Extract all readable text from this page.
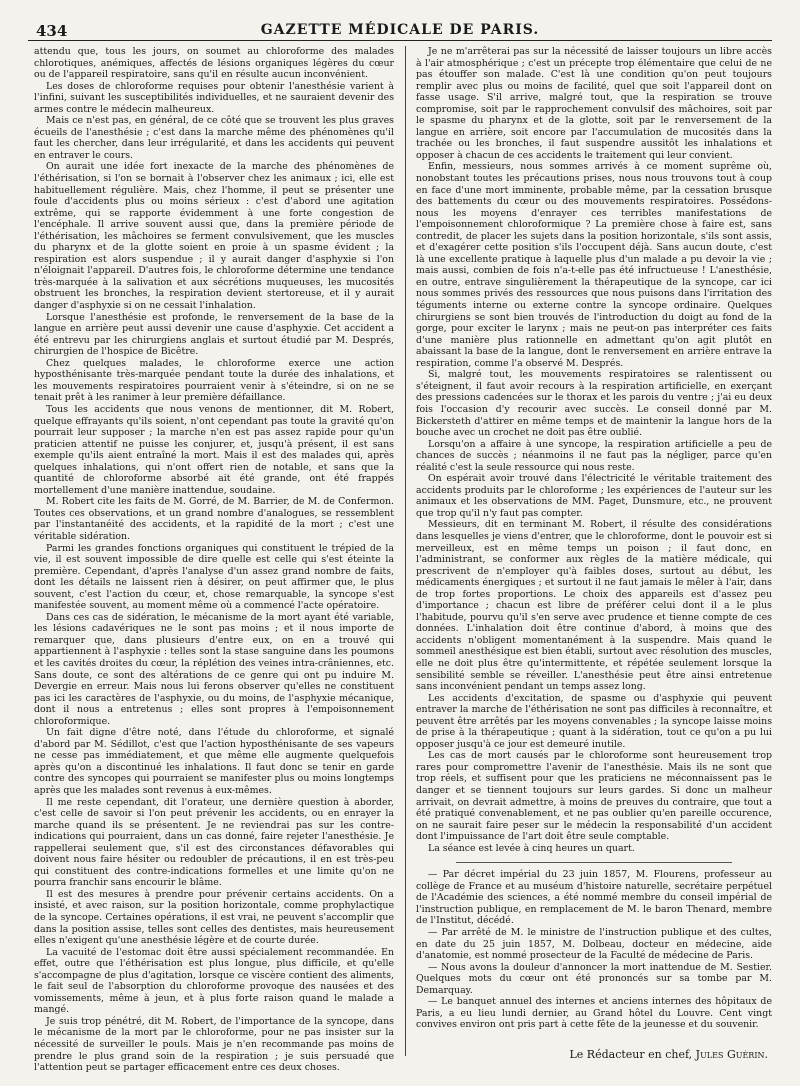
434	GAZETTE MÉDICALE DE PARIS.

attendu que, tous les jours, on soumet au chloroforme des malades chlorotiques, anémiques, affectés de lésions organiques légères du cœur ou de l'appareil respiratoire, sans qu'il en résulte aucun inconvénient.

Les doses de chloroforme requises pour obtenir l'anesthésie varient à l'infini, suivant les susceptibilités individuelles, et ne sauraient devenir des armes contre le médecin malheureux.

Mais ce n'est pas, en général, de ce côté que se trouvent les plus graves écueils de l'anesthésie ; c'est dans la marche même des phénomènes qu'il faut les chercher, dans leur irrégularité, et dans les accidents qui peuvent en entraver le cours.

On aurait une idée fort inexacte de la marche des phénomènes de l'éthérisation, si l'on se bornait à l'observer chez les animaux ; ici, elle est habituellement régulière. Mais, chez l'homme, il peut se présenter une foule d'accidents plus ou moins sérieux : c'est d'abord une agitation extrême, qui se rapporte évidemment à une forte congestion de l'encéphale. Il arrive souvent aussi que, dans la première période de l'éthérisation, les mâchoires se ferment convulsivement, que les muscles du pharynx et de la glotte soient en proie à un spasme évident ; la respiration est alors suspendue ; il y aurait danger d'asphyxie si l'on n'éloignait l'appareil. D'autres fois, le chloroforme détermine une tendance très-marquée à la salivation et aux sécrétions muqueuses, les mucosités obstruent les bronches, la respiration devient stertoreuse, et il y aurait danger d'asphyxie si on ne cessait l'inhalation.

Lorsque l'anesthésie est profonde, le renversement de la base de la langue en arrière peut aussi devenir une cause d'asphyxie. Cet accident a été entrevu par les chirurgiens anglais et surtout étudié par M. Després, chirurgien de l'hospice de Bicêtre.

Chez quelques malades, le chloroforme exerce une action hyposthénisante très-marquée pendant toute la durée des inhalations, et les mouvements respiratoires pourraient venir à s'éteindre, si on ne se tenait prêt à les ranimer à leur première défaillance.

Tous les accidents que nous venons de mentionner, dit M. Robert, quelque effrayants qu'ils soient, n'ont cependant pas toute la gravité qu'on pourrait leur supposer ; la marche n'en est pas assez rapide pour qu'un praticien attentif ne puisse les conjurer, et, jusqu'à présent, il est sans exemple qu'ils aient entraîné la mort. Mais il est des malades qui, après quelques inhalations, qui n'ont offert rien de notable, et sans que la quantité de chloroforme absorbé ait été grande, ont été frappés mortellement d'une manière inattendue, soudaine.

M. Robert cite les faits de M. Gorré, de M. Barrier, de M. de Confermon. Toutes ces observations, et un grand nombre d'analogues, se ressemblent par l'instantanéité des accidents, et la rapidité de la mort ; c'est une véritable sidération.

Parmi les grandes fonctions organiques qui constituent le trépied de la vie, il est souvent impossible de dire quelle est celle qui s'est éteinte la première. Cependant, d'après l'analyse d'un assez grand nombre de faits, dont les détails ne laissent rien à désirer, on peut affirmer que, le plus souvent, c'est l'action du cœur, et, chose remarquable, la syncope s'est manifestée souvent, au moment même où a commencé l'acte opératoire.

Dans ces cas de sidération, le mécanisme de la mort ayant été variable, les lésions cadavériques ne le sont pas moins ; et il nous importe de remarquer que, dans plusieurs d'entre eux, on en a trouvé qui appartiennent à l'asphyxie : telles sont la stase sanguine dans les poumons et les cavités droites du cœur, la réplétion des veines intra-crâniennes, etc. Sans doute, ce sont des altérations de ce genre qui ont pu induire M. Devergie en erreur. Mais nous lui ferons observer qu'elles ne constituent pas ici les caractères de l'asphyxie, ou du moins, de l'asphyxie mécanique, dont il nous a entretenus ; elles sont propres à l'empoisonnement chloroformique.

Un fait digne d'être noté, dans l'étude du chloroforme, et signalé d'abord par M. Sédillot, c'est que l'action hyposthénisante de ses vapeurs ne cesse pas immédiatement, et que même elle augmente quelquefois après qu'on a discontinué les inhalations. Il faut donc se tenir en garde contre des syncopes qui pourraient se manifester plus ou moins longtemps après que les malades sont revenus à eux-mêmes.

Il me reste cependant, dit l'orateur, une dernière question à aborder, c'est celle de savoir si l'on peut prévenir les accidents, ou en enrayer la marche quand ils se présentent. Je ne reviendrai pas sur les contre-indications qui pourraient, dans un cas donné, faire rejeter l'anesthésie. Je rappellerai seulement que, s'il est des circonstances défavorables qui doivent nous faire hésiter ou redoubler de précautions, il en est très-peu qui constituent des contre-indications formelles et une limite qu'on ne pourra franchir sans encourir le blâme.

Il est des mesures à prendre pour prévenir certains accidents. On a insisté, et avec raison, sur la position horizontale, comme prophylactique de la syncope. Certaines opérations, il est vrai, ne peuvent s'accomplir que dans la position assise, telles sont celles des dentistes, mais heureusement elles n'exigent qu'une anesthésie légère et de courte durée.

La vacuité de l'estomac doit être aussi spécialement recommandée. En effet, outre que l'éthérisation est plus longue, plus difficile, et qu'elle s'accompagne de plus d'agitation, lorsque ce viscère contient des aliments, le fait seul de l'absorption du chloroforme provoque des nausées et des vomissements, même à jeun, et à plus forte raison quand le malade a mangé.

Je suis trop pénétré, dit M. Robert, de l'importance de la syncope, dans le mécanisme de la mort par le chloroforme, pour ne pas insister sur la nécessité de surveiller le pouls. Mais je n'en recommande pas moins de prendre le plus grand soin de la respiration ; je suis persuadé que l'attention peut se partager efficacement entre ces deux choses.

Je ne m'arrêterai pas sur la nécessité de laisser toujours un libre accès à l'air atmosphérique ; c'est un précepte trop élémentaire que celui de ne pas étouffer son malade. C'est là une condition qu'on peut toujours remplir avec plus ou moins de facilité, quel que soit l'appareil dont on fasse usage. S'il arrive, malgré tout, que la respiration se trouve compromise, soit par le rapprochement convulsif des mâchoires, soit par le spasme du pharynx et de la glotte, soit par le renversement de la langue en arrière, soit encore par l'accumulation de mucosités dans la trachée ou les bronches, il faut suspendre aussitôt les inhalations et opposer à chacun de ces accidents le traitement qui leur convient.

Enfin, messieurs, nous sommes arrivés à ce moment suprême où, nonobstant toutes les précautions prises, nous nous trouvons tout à coup en face d'une mort imminente, probable même, par la cessation brusque des battements du cœur ou des mouvements respiratoires. Possédons-nous les moyens d'enrayer ces terribles manifestations de l'empoisonnement chloroformique ? La première chose à faire est, sans contredit, de placer les sujets dans la position horizontale, s'ils sont assis, et d'exagérer cette position s'ils l'occupent déjà. Sans aucun doute, c'est là une excellente pratique à laquelle plus d'un malade a pu devoir la vie ; mais aussi, combien de fois n'a-t-elle pas été infructueuse ! L'anesthésie, en outre, entrave singulièrement la thérapeutique de la syncope, car ici nous sommes privés des ressources que nous puisons dans l'irritation des téguments interne ou externe contre la syncope ordinaire. Quelques chirurgiens se sont bien trouvés de l'introduction du doigt au fond de la gorge, pour exciter le larynx ; mais ne peut-on pas interpréter ces faits d'une manière plus rationnelle en admettant qu'on agit plutôt en abaissant la base de la langue, dont le renversement en arrière entrave la respiration, comme l'a observé M. Després.

Si, malgré tout, les mouvements respiratoires se ralentissent ou s'éteignent, il faut avoir recours à la respiration artificielle, en exerçant des pressions cadencées sur le thorax et les parois du ventre ; j'ai eu deux fois l'occasion d'y recourir avec succès. Le conseil donné par M. Bickersteth d'attirer en même temps et de maintenir la langue hors de la bouche avec un crochet ne doit pas être oublié.

Lorsqu'on a affaire à une syncope, la respiration artificielle a peu de chances de succès ; néanmoins il ne faut pas la négliger, parce qu'en réalité c'est la seule ressource qui nous reste.

On espérait avoir trouvé dans l'électricité le véritable traitement des accidents produits par le chloroforme ; les expériences de l'auteur sur les animaux et les observations de MM. Paget, Dunsmure, etc., ne prouvent que trop qu'il n'y faut pas compter.

Messieurs, dit en terminant M. Robert, il résulte des considérations dans lesquelles je viens d'entrer, que le chloroforme, dont le pouvoir est si merveilleux, est en même temps un poison ; il faut donc, en l'administrant, se conformer aux règles de la matière médicale, qui prescrivent de n'employer qu'à faibles doses, surtout au début, les médicaments énergiques ; et surtout il ne faut jamais le mêler à l'air, dans de trop fortes proportions. Le choix des appareils est d'assez peu d'importance ; chacun est libre de préférer celui dont il a le plus l'habitude, pourvu qu'il s'en serve avec prudence et tienne compte de ces données. L'inhalation doit être continue d'abord, à moins que des accidents n'obligent momentanément à la suspendre. Mais quand le sommeil anesthésique est bien établi, surtout avec résolution des muscles, elle ne doit plus être qu'intermittente, et répétée seulement lorsque la sensibilité semble se réveiller. L'anesthésie peut être ainsi entretenue sans inconvénient pendant un temps assez long.

Les accidents d'excitation, de spasme ou d'asphyxie qui peuvent entraver la marche de l'éthérisation ne sont pas difficiles à reconnaître, et peuvent être arrêtés par les moyens convenables ; la syncope laisse moins de prise à la thérapeutique ; quant à la sidération, tout ce qu'on a pu lui opposer jusqu'à ce jour est demeuré inutile.

Les cas de mort causés par le chloroforme sont heureusement trop rares pour compromettre l'avenir de l'anesthésie. Mais ils ne sont que trop réels, et suffisent pour que les praticiens ne méconnaissent pas le danger et se tiennent toujours sur leurs gardes. Si donc un malheur arrivait, on devrait admettre, à moins de preuves du contraire, que tout a été pratiqué convenablement, et ne pas oublier qu'en pareille occurence, on ne saurait faire peser sur le médecin la responsabilité d'un accident dont l'impuissance de l'art doit être seule comptable.

La séance est levée à cinq heures un quart.

— Par décret impérial du 23 juin 1857, M. Flourens, professeur au collège de France et au muséum d'histoire naturelle, secrétaire perpétuel de l'Académie des sciences, a été nommé membre du conseil impérial de l'instruction publique, en remplacement de M. le baron Thenard, membre de l'Institut, décédé.

— Par arrêté de M. le ministre de l'instruction publique et des cultes, en date du 25 juin 1857, M. Dolbeau, docteur en médecine, aide d'anatomie, est nommé prosecteur de la Faculté de médecine de Paris.

— Nous avons la douleur d'annoncer la mort inattendue de M. Sestier. Quelques mots du cœur ont été prononcés sur sa tombe par M. Demarquay.

— Le banquet annuel des internes et anciens internes des hôpitaux de Paris, a eu lieu lundi dernier, au Grand hôtel du Louvre. Cent vingt convives environ ont pris part à cette fête de la jeunesse et du souvenir.

Le Rédacteur en chef, Jules Guérin.
